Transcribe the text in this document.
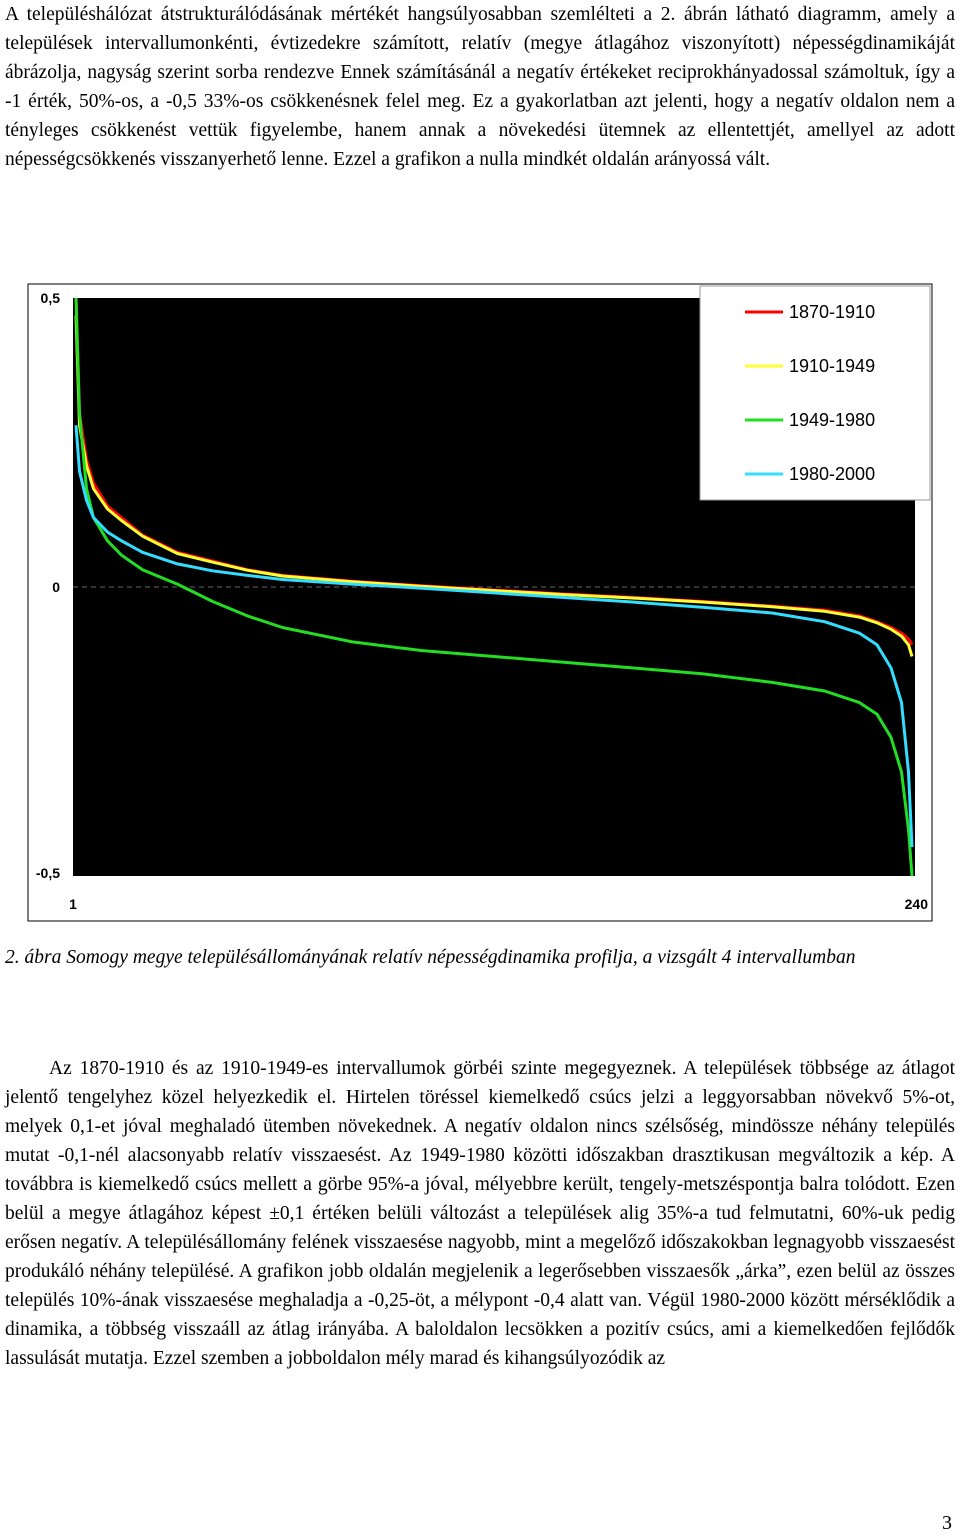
A településhálózat átstrukturálódásának mértékét hangsúlyosabban szemlélteti a 2. ábrán látható diagramm, amely a települések intervallumonkénti, évtizedekre számított, relatív (megye átlagához viszonyított) népességdinamikáját ábrázolja, nagyság szerint sorba rendezve Ennek számításánál a negatív értékeket reciprokhányadossal számoltuk, így a -1 érték, 50%-os, a -0,5 33%-os csökkenésnek felel meg. Ez a gyakorlatban azt jelenti, hogy a negatív oldalon nem a tényleges csökkenést vettük figyelembe, hanem annak a növekedési ütemnek az ellentettjét, amellyel az adott népességcsökkenés visszanyerhető lenne. Ezzel a grafikon a nulla mindkét oldalán arányossá vált.

0,5
0
-0,5
1	240
1870-1910
1910-1949
1949-1980
1980-2000

2. ábra Somogy megye településállományának relatív népességdinamika profilja, a vizsgált 4 intervallumban

Az 1870-1910 és az 1910-1949-es intervallumok görbéi szinte megegyeznek. A települések többsége az átlagot jelentő tengelyhez közel helyezkedik el. Hirtelen töréssel kiemelkedő csúcs jelzi a leggyorsabban növekvő 5%-ot, melyek 0,1-et jóval meghaladó ütemben növekednek. A negatív oldalon nincs szélsőség, mindössze néhány település mutat -0,1-nél alacsonyabb relatív visszaesést. Az 1949-1980 közötti időszakban drasztikusan megváltozik a kép. A továbbra is kiemelkedő csúcs mellett a görbe 95%-a jóval, mélyebbre került, tengely-metszéspontja balra tolódott. Ezen belül a megye átlagához képest ±0,1 értéken belüli változást a települések alig 35%-a tud felmutatni, 60%-uk pedig erősen negatív. A településállomány felének visszaesése nagyobb, mint a megelőző időszakokban legnagyobb visszaesést produkáló néhány településé. A grafikon jobb oldalán megjelenik a legerősebben visszaesők „árka”, ezen belül az összes település 10%-ának visszaesése meghaladja a -0,25-öt, a mélypont -0,4 alatt van. Végül 1980-2000 között mérséklődik a dinamika, a többség visszaáll az átlag irányába. A baloldalon lecsökken a pozitív csúcs, ami a kiemelkedően fejlődők lassulását mutatja. Ezzel szemben a jobboldalon mély marad és kihangsúlyozódik az

3
